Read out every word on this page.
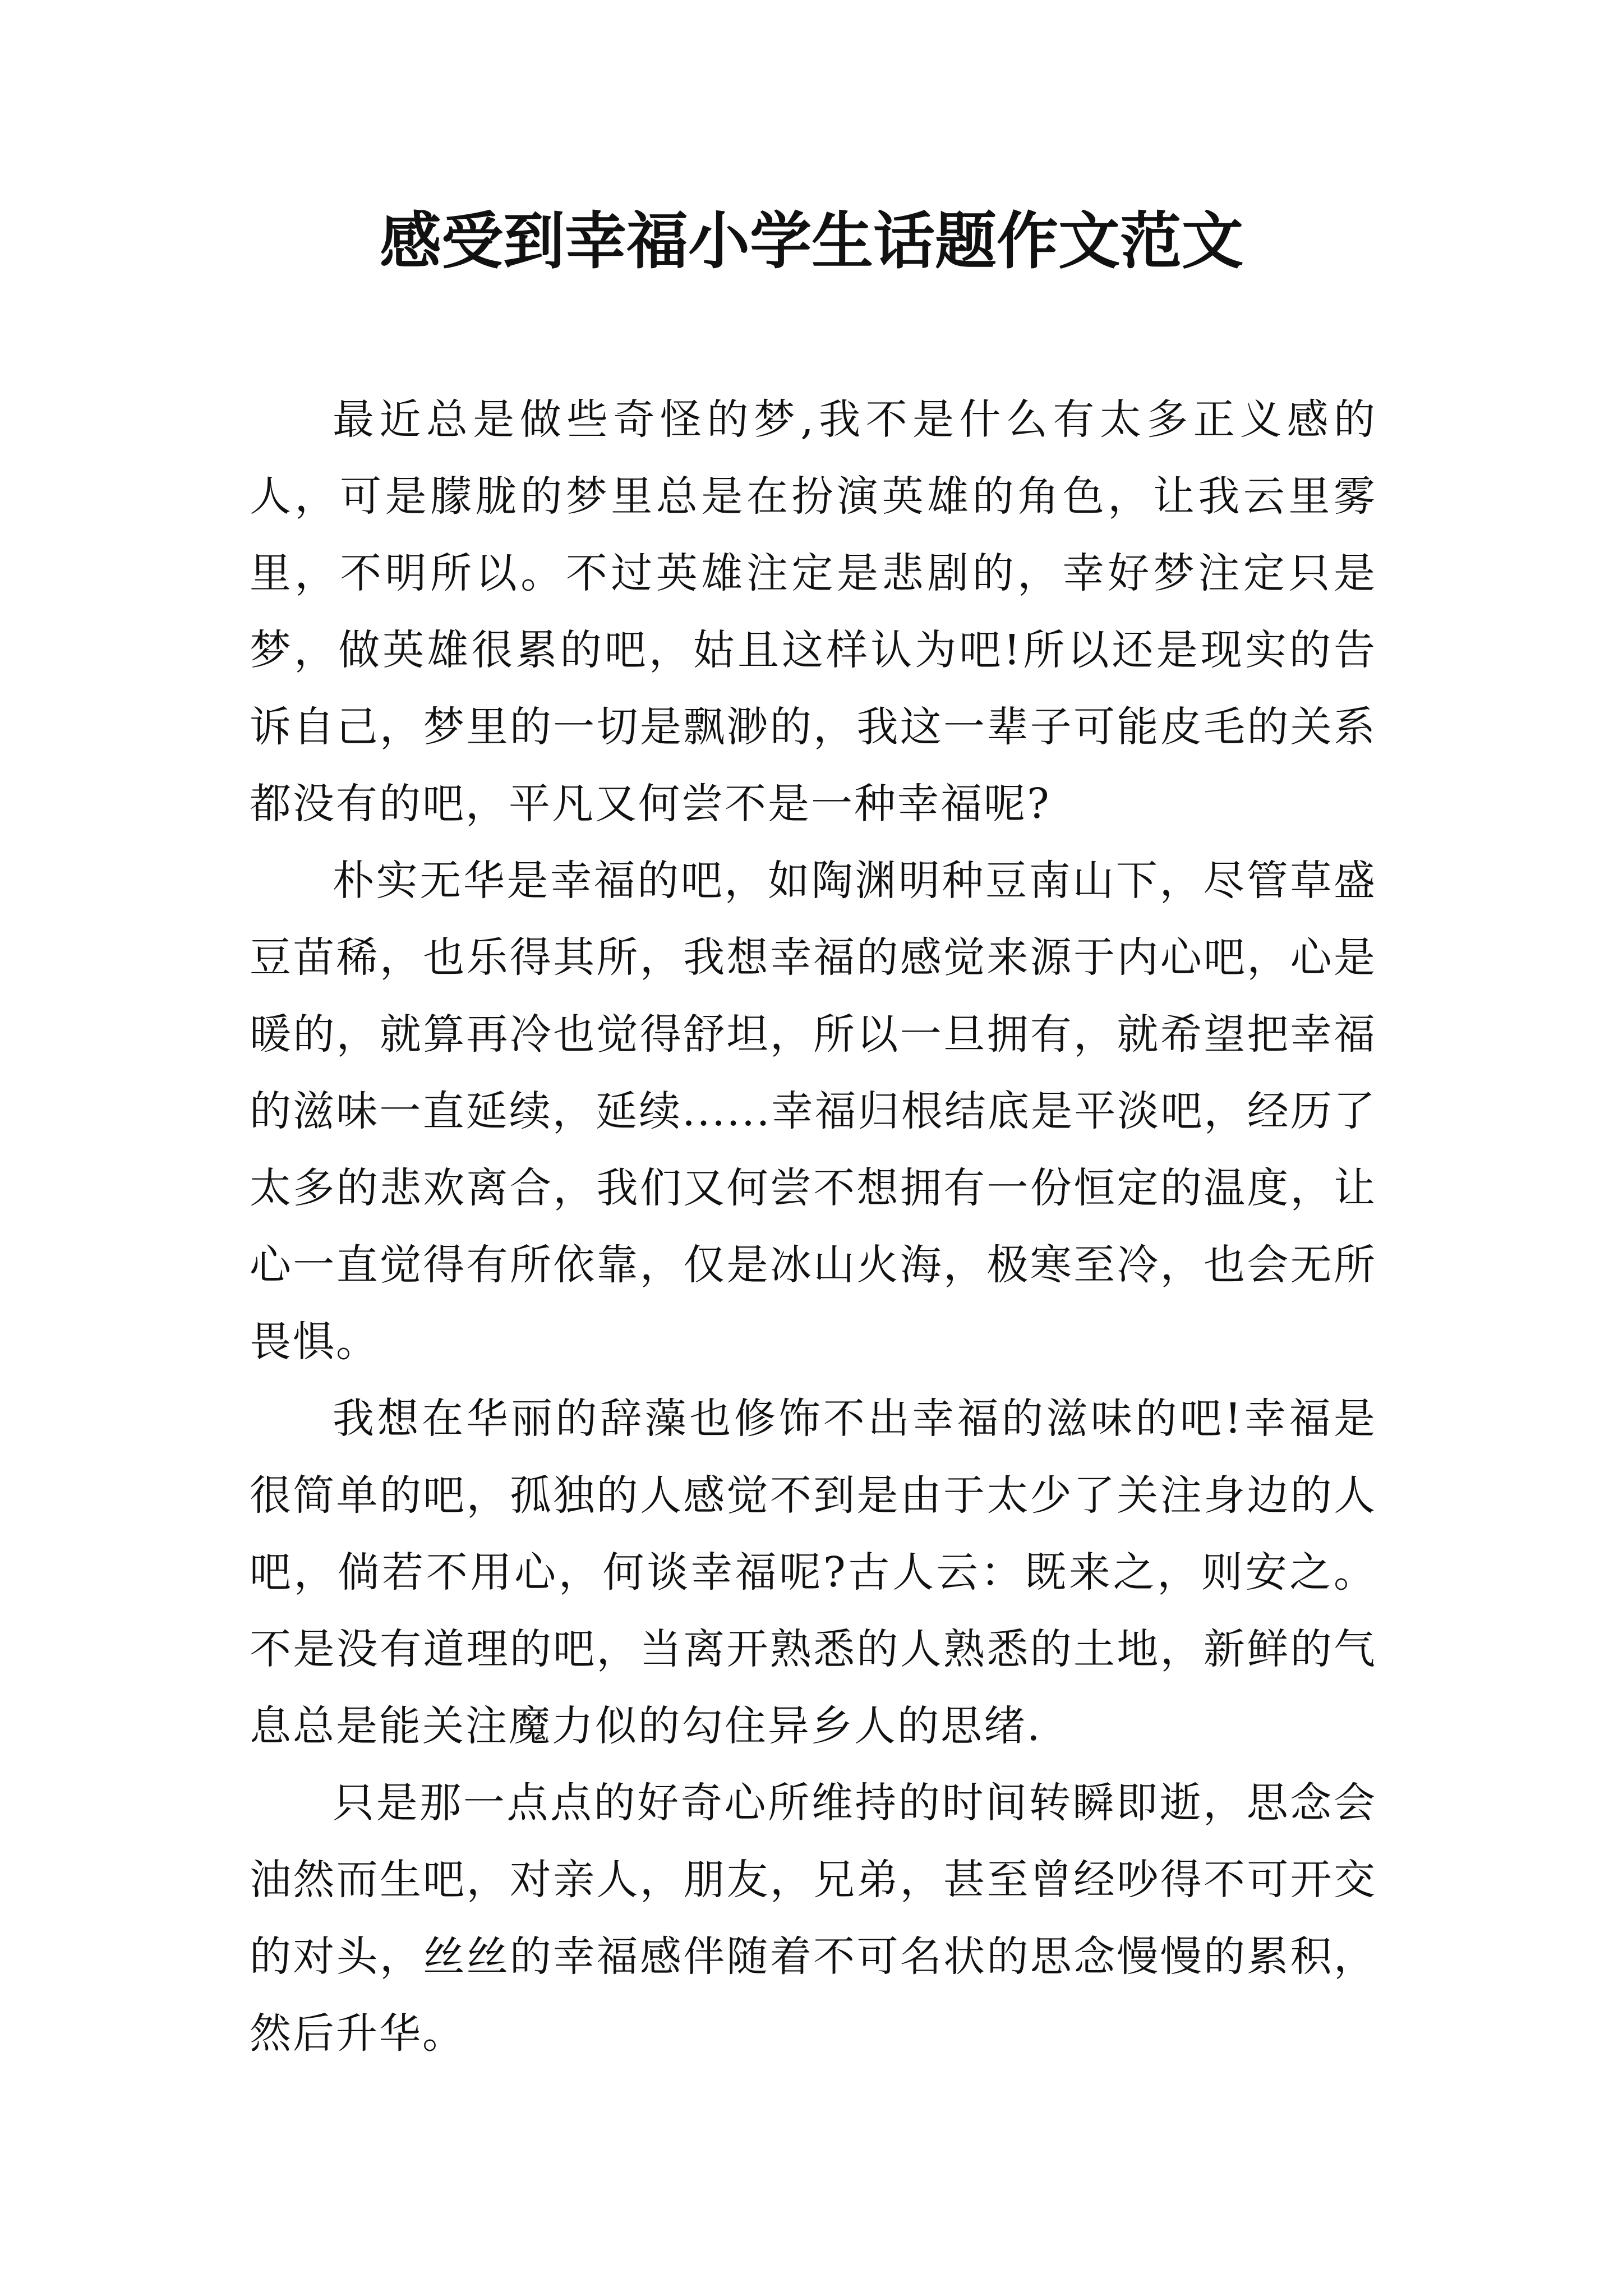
感受到幸福小学生话题作文范文

最近总是做些奇怪的梦,我不是什么有太多正义感的人，可是朦胧的梦里总是在扮演英雄的角色，让我云里雾里，不明所以。不过英雄注定是悲剧的，幸好梦注定只是梦，做英雄很累的吧，姑且这样认为吧!所以还是现实的告诉自己，梦里的一切是飘渺的，我这一辈子可能皮毛的关系都没有的吧，平凡又何尝不是一种幸福呢?

朴实无华是幸福的吧，如陶渊明种豆南山下，尽管草盛豆苗稀，也乐得其所，我想幸福的感觉来源于内心吧，心是暖的，就算再冷也觉得舒坦，所以一旦拥有，就希望把幸福的滋味一直延续，延续......幸福归根结底是平淡吧，经历了太多的悲欢离合，我们又何尝不想拥有一份恒定的温度，让心一直觉得有所依靠，仅是冰山火海，极寒至冷，也会无所畏惧。

我想在华丽的辞藻也修饰不出幸福的滋味的吧!幸福是很简单的吧，孤独的人感觉不到是由于太少了关注身边的人吧，倘若不用心，何谈幸福呢?古人云：既来之，则安之。不是没有道理的吧，当离开熟悉的人熟悉的土地，新鲜的气息总是能关注魔力似的勾住异乡人的思绪.

只是那一点点的好奇心所维持的时间转瞬即逝，思念会油然而生吧，对亲人，朋友，兄弟，甚至曾经吵得不可开交的对头，丝丝的幸福感伴随着不可名状的思念慢慢的累积，然后升华。
